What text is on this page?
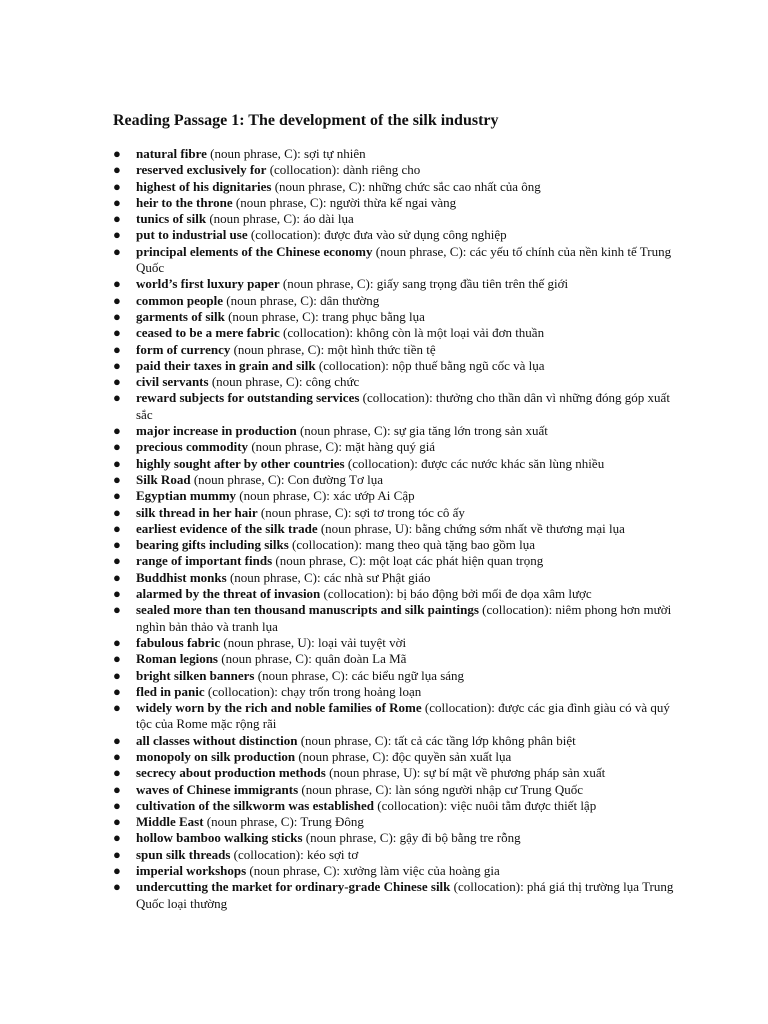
Reading Passage 1: The development of the silk industry
● natural fibre (noun phrase, C): sợi tự nhiên
● reserved exclusively for (collocation): dành riêng cho
● highest of his dignitaries (noun phrase, C): những chức sắc cao nhất của ông
● heir to the throne (noun phrase, C): người thừa kế ngai vàng
● tunics of silk (noun phrase, C): áo dài lụa
● put to industrial use (collocation): được đưa vào sử dụng công nghiệp
● principal elements of the Chinese economy (noun phrase, C): các yếu tố chính của nền kinh tế Trung Quốc
● world’s first luxury paper (noun phrase, C): giấy sang trọng đầu tiên trên thế giới
● common people (noun phrase, C): dân thường
● garments of silk (noun phrase, C): trang phục bằng lụa
● ceased to be a mere fabric (collocation): không còn là một loại vải đơn thuần
● form of currency (noun phrase, C): một hình thức tiền tệ
● paid their taxes in grain and silk (collocation): nộp thuế bằng ngũ cốc và lụa
● civil servants (noun phrase, C): công chức
● reward subjects for outstanding services (collocation): thưởng cho thần dân vì những đóng góp xuất sắc
● major increase in production (noun phrase, C): sự gia tăng lớn trong sản xuất
● precious commodity (noun phrase, C): mặt hàng quý giá
● highly sought after by other countries (collocation): được các nước khác săn lùng nhiều
● Silk Road (noun phrase, C): Con đường Tơ lụa
● Egyptian mummy (noun phrase, C): xác ướp Ai Cập
● silk thread in her hair (noun phrase, C): sợi tơ trong tóc cô ấy
● earliest evidence of the silk trade (noun phrase, U): bằng chứng sớm nhất về thương mại lụa
● bearing gifts including silks (collocation): mang theo quà tặng bao gồm lụa
● range of important finds (noun phrase, C): một loạt các phát hiện quan trọng
● Buddhist monks (noun phrase, C): các nhà sư Phật giáo
● alarmed by the threat of invasion (collocation): bị báo động bởi mối đe dọa xâm lược
● sealed more than ten thousand manuscripts and silk paintings (collocation): niêm phong hơn mười nghìn bản thảo và tranh lụa
● fabulous fabric (noun phrase, U): loại vải tuyệt vời
● Roman legions (noun phrase, C): quân đoàn La Mã
● bright silken banners (noun phrase, C): các biểu ngữ lụa sáng
● fled in panic (collocation): chạy trốn trong hoảng loạn
● widely worn by the rich and noble families of Rome (collocation): được các gia đình giàu có và quý tộc của Rome mặc rộng rãi
● all classes without distinction (noun phrase, C): tất cả các tầng lớp không phân biệt
● monopoly on silk production (noun phrase, C): độc quyền sản xuất lụa
● secrecy about production methods (noun phrase, U): sự bí mật về phương pháp sản xuất
● waves of Chinese immigrants (noun phrase, C): làn sóng người nhập cư Trung Quốc
● cultivation of the silkworm was established (collocation): việc nuôi tằm được thiết lập
● Middle East (noun phrase, C): Trung Đông
● hollow bamboo walking sticks (noun phrase, C): gậy đi bộ bằng tre rỗng
● spun silk threads (collocation): kéo sợi tơ
● imperial workshops (noun phrase, C): xưởng làm việc của hoàng gia
● undercutting the market for ordinary-grade Chinese silk (collocation): phá giá thị trường lụa Trung Quốc loại thường
